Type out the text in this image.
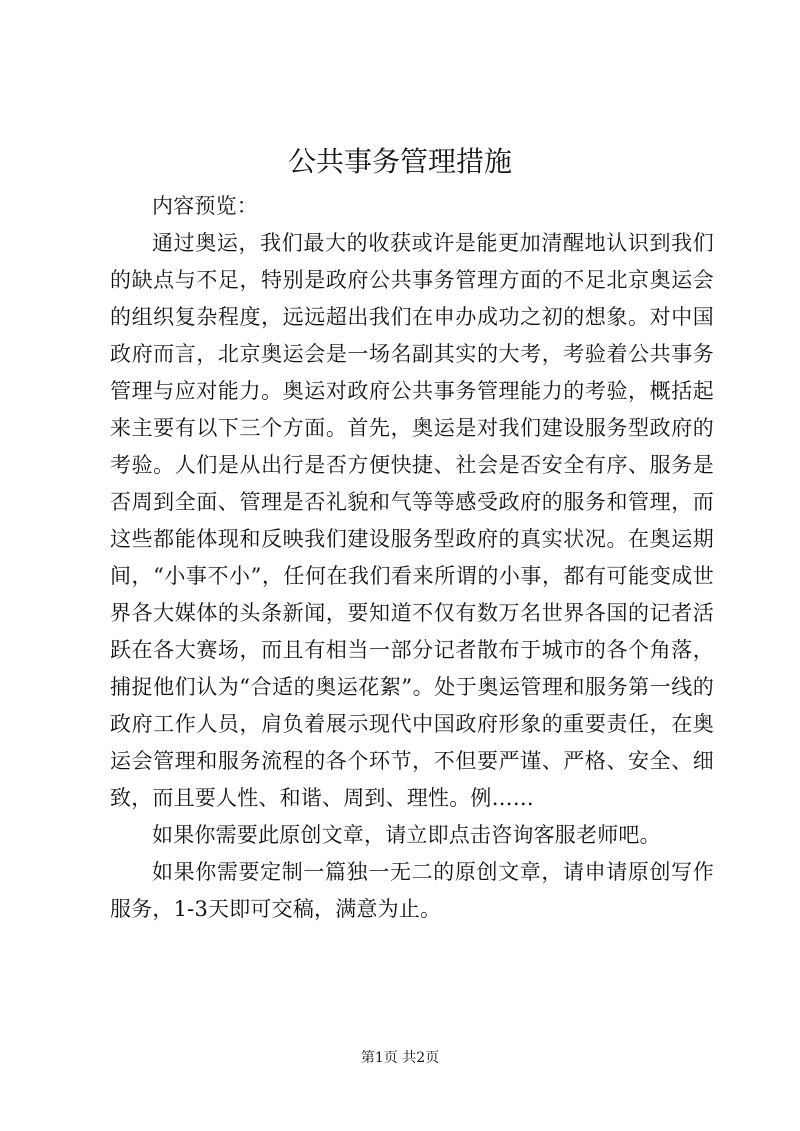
公共事务管理措施

内容预览：

通过奥运，我们最大的收获或许是能更加清醒地认识到我们的缺点与不足，特别是政府公共事务管理方面的不足北京奥运会的组织复杂程度，远远超出我们在申办成功之初的想象。对中国政府而言，北京奥运会是一场名副其实的大考，考验着公共事务管理与应对能力。奥运对政府公共事务管理能力的考验，概括起来主要有以下三个方面。首先，奥运是对我们建设服务型政府的考验。人们是从出行是否方便快捷、社会是否安全有序、服务是否周到全面、管理是否礼貌和气等等感受政府的服务和管理，而这些都能体现和反映我们建设服务型政府的真实状况。在奥运期间，“小事不小”，任何在我们看来所谓的小事，都有可能变成世界各大媒体的头条新闻，要知道不仅有数万名世界各国的记者活跃在各大赛场，而且有相当一部分记者散布于城市的各个角落，捕捉他们认为“合适的奥运花絮”。处于奥运管理和服务第一线的政府工作人员，肩负着展示现代中国政府形象的重要责任，在奥运会管理和服务流程的各个环节，不但要严谨、严格、安全、细致，而且要人性、和谐、周到、理性。例……

如果你需要此原创文章，请立即点击咨询客服老师吧。

如果你需要定制一篇独一无二的原创文章，请申请原创写作服务，1-3天即可交稿，满意为止。

第1页 共2页
